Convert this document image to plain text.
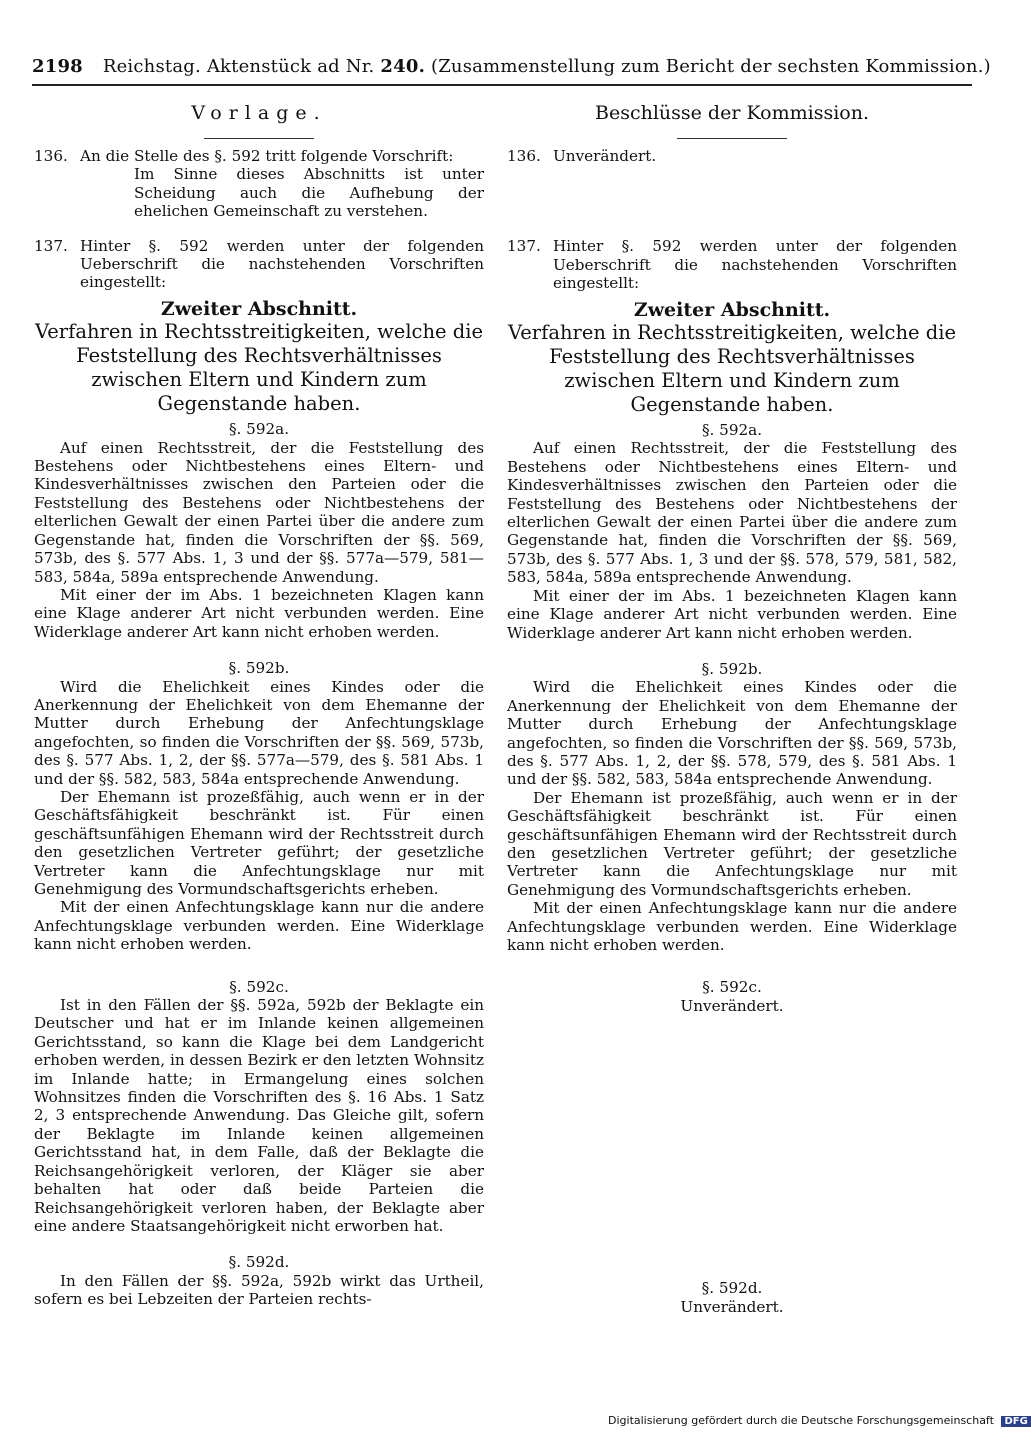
2198 Reichstag. Aktenstück ad Nr. 240. (Zusammenstellung zum Bericht der sechsten Kommission.)
Vorlage.
136. An die Stelle des §. 592 tritt folgende Vorschrift:
Im Sinne dieses Abschnitts ist unter Scheidung auch die Aufhebung der ehelichen Gemeinschaft zu verstehen.
137. Hinter §. 592 werden unter der folgenden Ueberschrift die nachstehenden Vorschriften eingestellt:
Zweiter Abschnitt.
Verfahren in Rechtsstreitigkeiten, welche die Feststellung des Rechtsverhältnisses zwischen Eltern und Kindern zum Gegenstande haben.
§. 592a.
Auf einen Rechtsstreit, der die Feststellung des Bestehens oder Nichtbestehens eines Eltern- und Kindesverhältnisses zwischen den Parteien oder die Feststellung des Bestehens oder Nichtbestehens der elterlichen Gewalt der einen Partei über die andere zum Gegenstande hat, finden die Vorschriften der §§. 569, 573b, des §. 577 Abs. 1, 3 und der §§. 577a—579, 581—583, 584a, 589a entsprechende Anwendung.
Mit einer der im Abs. 1 bezeichneten Klagen kann eine Klage anderer Art nicht verbunden werden. Eine Widerklage anderer Art kann nicht erhoben werden.
§. 592b.
Wird die Ehelichkeit eines Kindes oder die Anerkennung der Ehelichkeit von dem Ehemanne der Mutter durch Erhebung der Anfechtungsklage angefochten, so finden die Vorschriften der §§. 569, 573b, des §. 577 Abs. 1, 2, der §§. 577a—579, des §. 581 Abs. 1 und der §§. 582, 583, 584a entsprechende Anwendung.
Der Ehemann ist prozeßfähig, auch wenn er in der Geschäftsfähigkeit beschränkt ist. Für einen geschäftsunfähigen Ehemann wird der Rechtsstreit durch den gesetzlichen Vertreter geführt; der gesetzliche Vertreter kann die Anfechtungsklage nur mit Genehmigung des Vormundschaftsgerichts erheben.
Mit der einen Anfechtungsklage kann nur die andere Anfechtungsklage verbunden werden. Eine Widerklage kann nicht erhoben werden.
§. 592c.
Ist in den Fällen der §§. 592a, 592b der Beklagte ein Deutscher und hat er im Inlande keinen allgemeinen Gerichtsstand, so kann die Klage bei dem Landgericht erhoben werden, in dessen Bezirk er den letzten Wohnsitz im Inlande hatte; in Ermangelung eines solchen Wohnsitzes finden die Vorschriften des §. 16 Abs. 1 Satz 2, 3 entsprechende Anwendung. Das Gleiche gilt, sofern der Beklagte im Inlande keinen allgemeinen Gerichtsstand hat, in dem Falle, daß der Beklagte die Reichsangehörigkeit verloren, der Kläger sie aber behalten hat oder daß beide Parteien die Reichsangehörigkeit verloren haben, der Beklagte aber eine andere Staatsangehörigkeit nicht erworben hat.
§. 592d.
In den Fällen der §§. 592a, 592b wirkt das Urtheil, sofern es bei Lebzeiten der Parteien rechts-
Beschlüsse der Kommission.
136. Unverändert.
137. Hinter §. 592 werden unter der folgenden Ueberschrift die nachstehenden Vorschriften eingestellt:
Zweiter Abschnitt.
Verfahren in Rechtsstreitigkeiten, welche die Feststellung des Rechtsverhältnisses zwischen Eltern und Kindern zum Gegenstande haben.
§. 592a.
Auf einen Rechtsstreit, der die Feststellung des Bestehens oder Nichtbestehens eines Eltern- und Kindesverhältnisses zwischen den Parteien oder die Feststellung des Bestehens oder Nichtbestehens der elterlichen Gewalt der einen Partei über die andere zum Gegenstande hat, finden die Vorschriften der §§. 569, 573b, des §. 577 Abs. 1, 3 und der §§. 578, 579, 581, 582, 583, 584a, 589a entsprechende Anwendung.
Mit einer der im Abs. 1 bezeichneten Klagen kann eine Klage anderer Art nicht verbunden werden. Eine Widerklage anderer Art kann nicht erhoben werden.
§. 592b.
Wird die Ehelichkeit eines Kindes oder die Anerkennung der Ehelichkeit von dem Ehemanne der Mutter durch Erhebung der Anfechtungsklage angefochten, so finden die Vorschriften der §§. 569, 573b, des §. 577 Abs. 1, 2, der §§. 578, 579, des §. 581 Abs. 1 und der §§. 582, 583, 584a entsprechende Anwendung.
Der Ehemann ist prozeßfähig, auch wenn er in der Geschäftsfähigkeit beschränkt ist. Für einen geschäftsunfähigen Ehemann wird der Rechtsstreit durch den gesetzlichen Vertreter geführt; der gesetzliche Vertreter kann die Anfechtungsklage nur mit Genehmigung des Vormundschaftsgerichts erheben.
Mit der einen Anfechtungsklage kann nur die andere Anfechtungsklage verbunden werden. Eine Widerklage kann nicht erhoben werden.
§. 592c.
Unverändert.
§. 592d.
Unverändert.
Digitalisierung gefördert durch die Deutsche Forschungsgemeinschaft DFG
